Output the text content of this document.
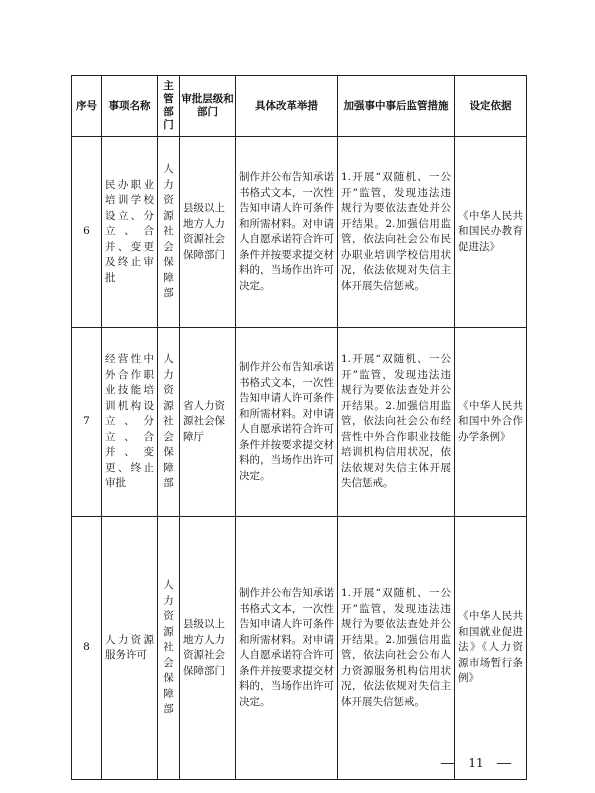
序号	事项名称	主管部门	审批层级和部门	具体改革举措	加强事中事后监管措施	设定依据
6	民办职业培训学校设立、分立、合并、变更及终止审批	人力资源社会保障部	县级以上地方人力资源社会保障部门	制作并公布告知承诺书格式文本，一次性告知申请人许可条件和所需材料。对申请人自愿承诺符合许可条件并按要求提交材料的，当场作出许可决定。	1.开展“双随机、一公开”监管，发现违法违规行为要依法查处并公开结果。2.加强信用监管，依法向社会公布民办职业培训学校信用状况，依法依规对失信主体开展失信惩戒。	《中华人民共和国民办教育促进法》
7	经营性中外合作职业技能培训机构设立、分立、合并、变更、终止审批	人力资源社会保障部	省人力资源社会保障厅	制作并公布告知承诺书格式文本，一次性告知申请人许可条件和所需材料。对申请人自愿承诺符合许可条件并按要求提交材料的，当场作出许可决定。	1.开展“双随机、一公开”监管，发现违法违规行为要依法查处并公开结果。2.加强信用监管，依法向社会公布经营性中外合作职业技能培训机构信用状况，依法依规对失信主体开展失信惩戒。	《中华人民共和国中外合作办学条例》
8	人力资源服务许可	人力资源社会保障部	县级以上地方人力资源社会保障部门	制作并公布告知承诺书格式文本，一次性告知申请人许可条件和所需材料。对申请人自愿承诺符合许可条件并按要求提交材料的，当场作出许可决定。	1.开展“双随机、一公开”监管，发现违法违规行为要依法查处并公开结果。2.加强信用监管，依法向社会公布人力资源服务机构信用状况，依法依规对失信主体开展失信惩戒。	《中华人民共和国就业促进法》《人力资源市场暂行条例》
11
